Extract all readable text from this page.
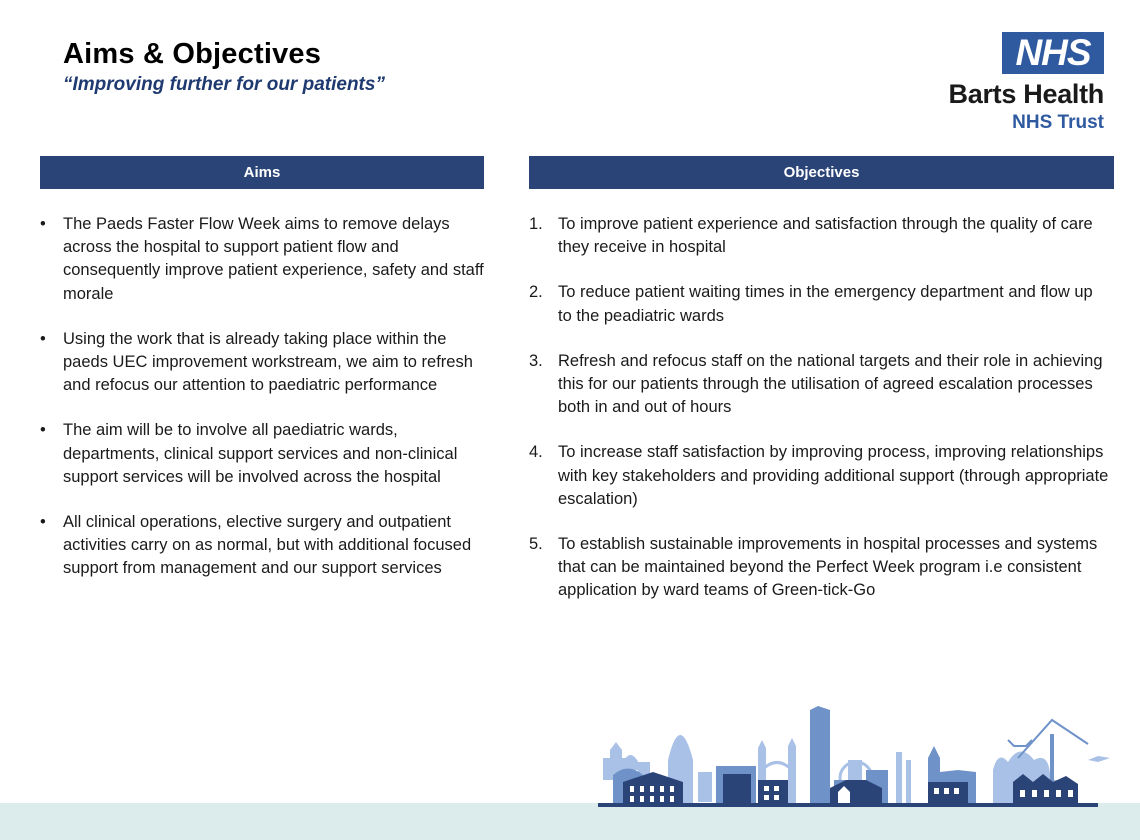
Aims & Objectives
“Improving further for our patients”
NHS
Barts Health
NHS Trust
Aims	Objectives
• The Paeds Faster Flow Week aims to remove delays across the hospital to support patient flow and consequently improve patient experience, safety and staff morale
• Using the work that is already taking place within the paeds UEC improvement workstream, we aim to refresh and refocus our attention to paediatric performance
• The aim will be to involve all paediatric wards, departments, clinical support services and non-clinical support services will be involved across the hospital
• All clinical operations, elective surgery and outpatient activities carry on as normal, but with additional focused support from management and our support services
1. To improve patient experience and satisfaction through the quality of care they receive in hospital
2. To reduce patient waiting times in the emergency department and flow up to the peadiatric wards
3. Refresh and refocus staff on the national targets and their role in achieving this for our patients through the utilisation of agreed escalation processes both in and out of hours
4. To increase staff satisfaction by improving process, improving relationships with key stakeholders and providing additional support (through appropriate escalation)
5. To establish sustainable improvements in hospital processes and systems that can be maintained beyond the Perfect Week program i.e consistent application by ward teams of Green-tick-Go
